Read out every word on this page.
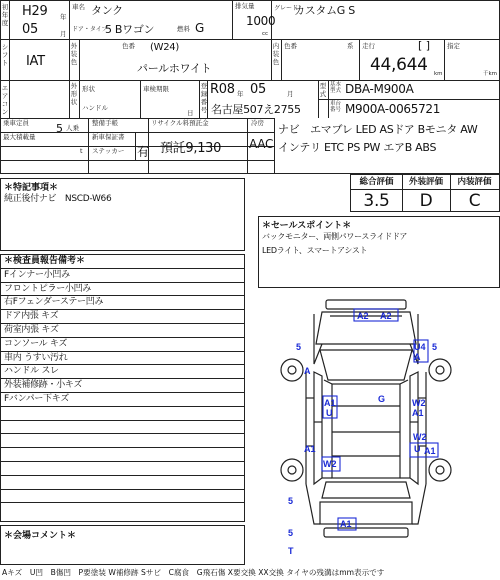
初年度
H29 年
05	月
車名 タンク
ドア・タイプ
5 Bワゴン	燃料 G
排気量
1000
cc
グレード
カスタムG S
シフト IAT
外装色
色番 (W24)
パールホワイト
内装色
色番	系 走行	[ ]
44,644 km
指定
千km
エアコン
外形状
形状
ハンドル
車検期限	R08 年 05	月
日
登録番号 名古屋507え2755
型式
基本型式 DBA-M900A
車台番号 M900A-0065721
乗車定員 5 人乗
最大積載量
t
整備手帳
新車保証書
ステッカー 有
リサイクル料預託金
預託9,130
冷房
AAC
ナビ　エマブレ LED ASドア Bモニタ AW
インテリ ETC PS PW エアB ABS
総合評価	外装評価	内装評価
3.5	D	C
＊特記事項＊
純正後付ナビ　NSCD-W66
＊セールスポイント＊
バックモニター、両側パワースライドドア
LEDライト、スマートアシスト
＊検査員報告備考＊
Fインナー小凹み
フロントピラー小凹み
右Fフェンダーステー凹み
ドア内張 キズ
荷室内張 キズ
コンソール キズ
車内 うすい汚れ
ハンドル スレ
外装補修跡・小キズ
Fバンパー下キズ
A2 A2
5
A
U4
A
5
G
A1
U
W2
A1
W2
U A1
A1
W2
5
A1
T
5
＊会場コメント＊
Aキズ　U凹　B傷凹　P要塗装 W補修跡 Sサビ　C腐食　G飛石傷 X要交換 XX交換 タイヤの残溝はmm表示です
